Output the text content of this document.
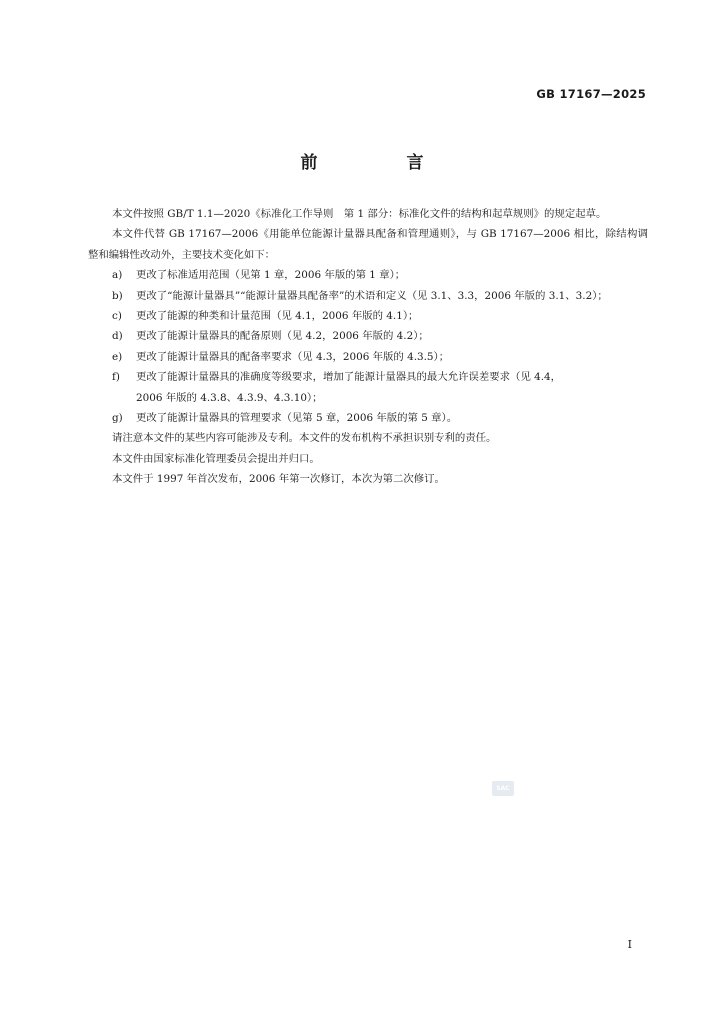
GB 17167—2025
前　言

本文件按照 GB/T 1.1—2020《标准化工作导则　第 1 部分：标准化文件的结构和起草规则》的规定起草。

本文件代替 GB 17167—2006《用能单位能源计量器具配备和管理通则》，与 GB 17167—2006 相比，除结构调整和编辑性改动外，主要技术变化如下：

a)	更改了标准适用范围（见第 1 章，2006 年版的第 1 章）；
b)	更改了“能源计量器具”“能源计量器具配备率”的术语和定义（见 3.1、3.3，2006 年版的 3.1、3.2）；
c)	更改了能源的种类和计量范围（见 4.1，2006 年版的 4.1）；
d)	更改了能源计量器具的配备原则（见 4.2，2006 年版的 4.2）；
e)	更改了能源计量器具的配备率要求（见 4.3，2006 年版的 4.3.5）；
f)	更改了能源计量器具的准确度等级要求，增加了能源计量器具的最大允许误差要求（见 4.4，

2006 年版的 4.3.8、4.3.9、4.3.10）；

g)	更改了能源计量器具的管理要求（见第 5 章，2006 年版的第 5 章）。

请注意本文件的某些内容可能涉及专利。本文件的发布机构不承担识别专利的责任。

本文件由国家标准化管理委员会提出并归口。

本文件于 1997 年首次发布，2006 年第一次修订，本次为第二次修订。

SAC
Ⅰ
